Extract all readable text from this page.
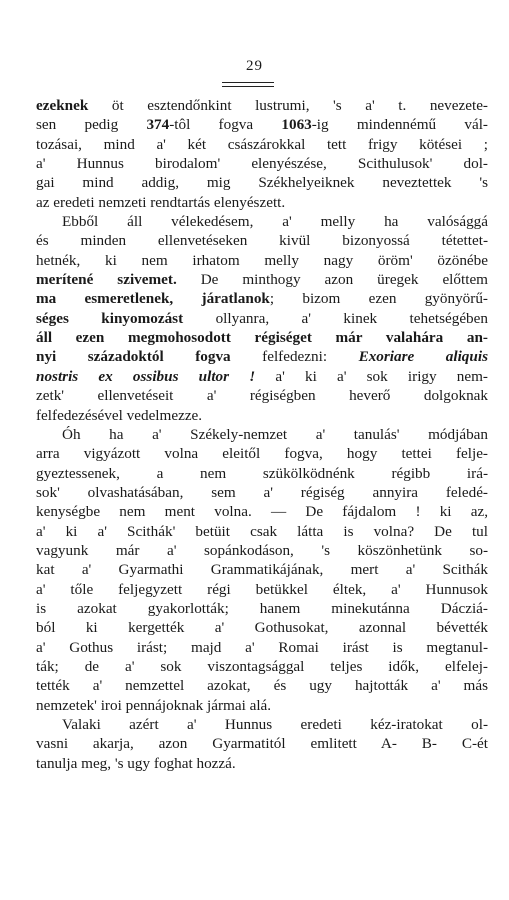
29
ezeknek öt esztendőnkint lustrumi, 's a' t. nevezete-
sen pedig 374-tôl fogva 1063-ig mindennémű vál-
tozásai, mind a' két császárokkal tett frigy kötései ;
a' Hunnus birodalom' elenyészése, Scithulusok' dol-
gai mind addig, mig Székhelyeiknek neveztettek 's
az eredeti nemzeti rendtartás elenyészett.
Ebből áll vélekedésem, a' melly ha valósággá
és minden ellenvetéseken kivül bizonyossá tétettet-
hetnék, ki nem irhatom melly nagy öröm' özönébe
merítené szivemet. De minthogy azon üregek előttem
ma esmeretlenek, járatlanok; bizom ezen gyönyörű-
séges kinyomozást ollyanra, a' kinek tehetségében
áll ezen megmohosodott régiséget már valahára an-
nyi századoktól fogva felfedezni: Exoriare aliquis
nostris ex ossibus ultor ! a' ki a' sok irigy nem-
zetk' ellenvetéseit a' régiségben heverő dolgoknak
felfedezésével vedelmezze.
Óh ha a' Székely-nemzet a' tanulás' módjában
arra vigyázott volna eleitől fogva, hogy tettei felje-
gyeztessenek, a nem szükölködnénk régibb irá-
sok' olvashatásában, sem a' régiség annyira feledé-
kenységbe nem ment volna. — De fájdalom ! ki az,
a' ki a' Scithák' betüit csak látta is volna? De tul
vagyunk már a' sopánkodáson, 's köszönhetünk so-
kat a' Gyarmathi Grammatikájának, mert a' Scithák
a' tőle feljegyzett régi betükkel éltek, a' Hunnusok
is azokat gyakorlották; hanem minekutánna Dácziá-
ból ki kergették a' Gothusokat, azonnal bévették
a' Gothus irást; majd a' Romai irást is megtanul-
ták; de a' sok viszontagsággal teljes idők, elfelej-
tették a' nemzettel azokat, és ugy hajtották a' más
nemzetek' iroi pennájoknak jármai alá.
Valaki azért a' Hunnus eredeti kéz-iratokat ol-
vasni akarja, azon Gyarmatitól emlitett A- B- C-ét
tanulja meg, 's ugy foghat hozzá.
